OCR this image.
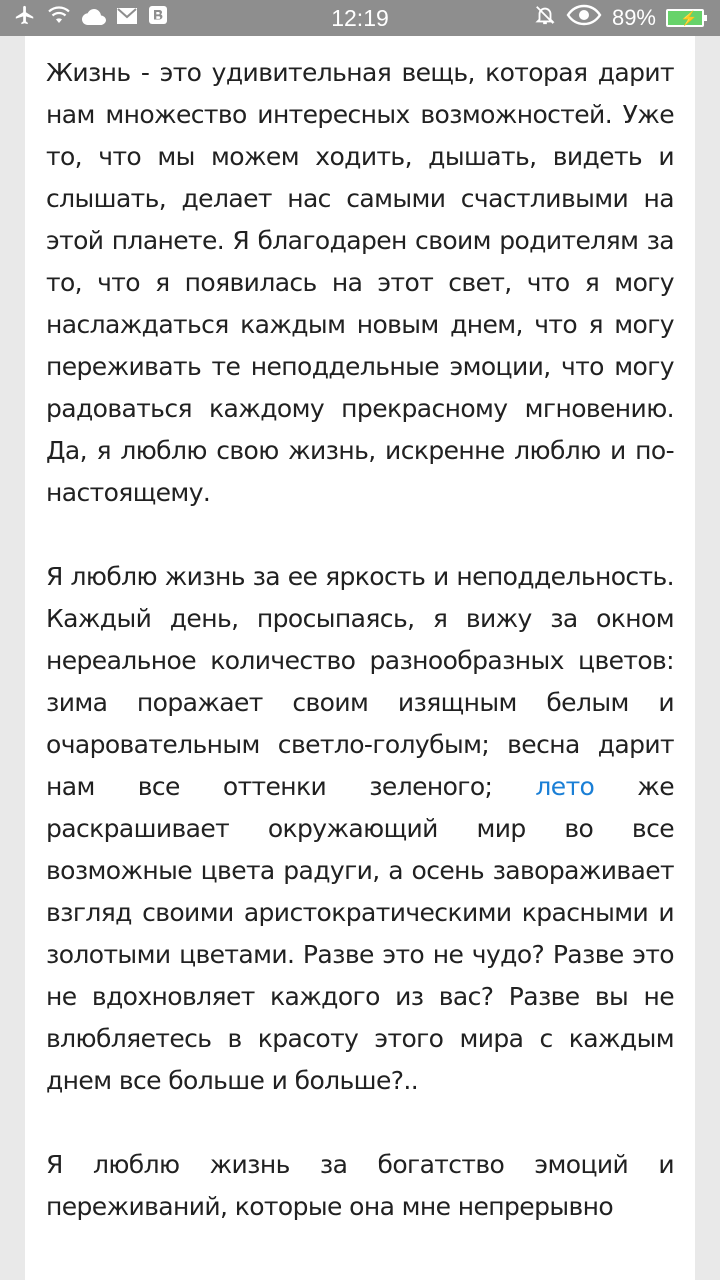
12:19	89% ⚡

Жизнь - это удивительная вещь, которая дарит нам множество интересных возможностей. Уже то, что мы можем ходить, дышать, видеть и слышать, делает нас самыми счастливыми на этой планете. Я благодарен своим родителям за то, что я появилась на этот свет, что я могу наслаждаться каждым новым днем, что я могу переживать те неподдельные эмоции, что могу радоваться каждому прекрасному мгновению. Да, я люблю свою жизнь, искренне люблю и по-настоящему.

Я люблю жизнь за ее яркость и неподдельность. Каждый день, просыпаясь, я вижу за окном нереальное количество разнообразных цветов: зима поражает своим изящным белым и очаровательным светло-голубым; весна дарит нам все оттенки зеленого; лето же раскрашивает окружающий мир во все возможные цвета радуги, а осень завораживает взгляд своими аристократическими красными и золотыми цветами. Разве это не чудо? Разве это не вдохновляет каждого из вас? Разве вы не влюбляетесь в красоту этого мира с каждым днем все больше и больше?..

Я люблю жизнь за богатство эмоций и переживаний, которые она мне непрерывно
